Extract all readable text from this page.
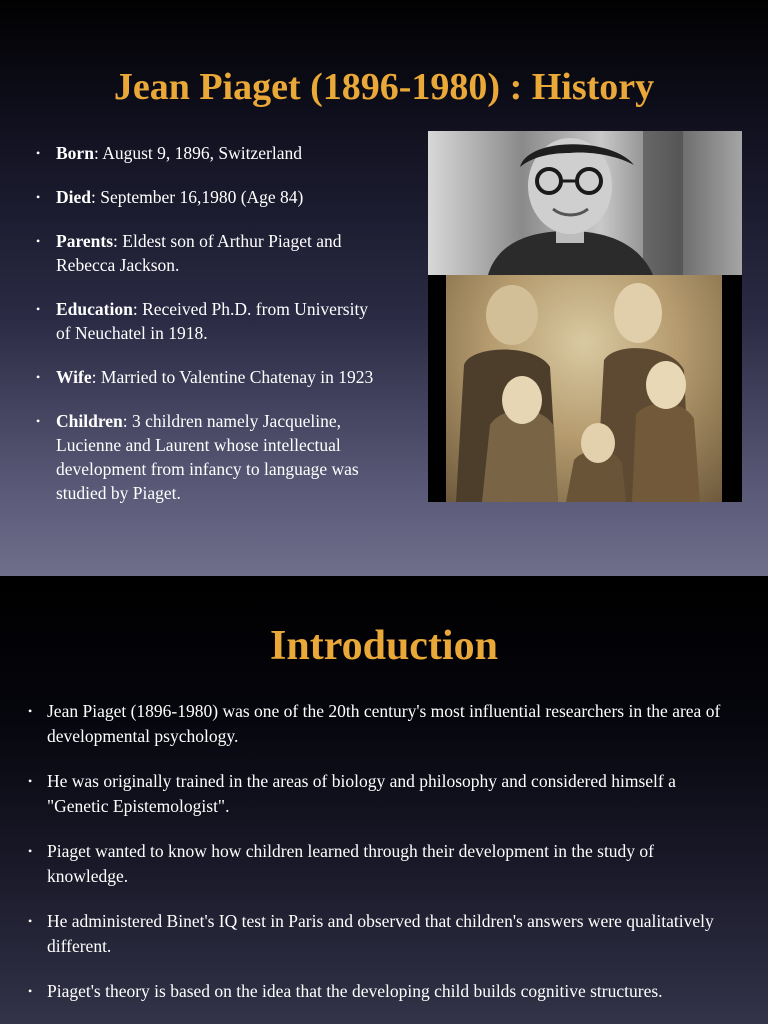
Jean Piaget (1896-1980) : History
• Born: August 9, 1896, Switzerland
• Died: September 16,1980 (Age 84)
• Parents: Eldest son of Arthur Piaget and Rebecca Jackson.
• Education: Received Ph.D. from University of Neuchatel in 1918.
• Wife: Married to Valentine Chatenay in 1923
• Children: 3 children namely Jacqueline, Lucienne and Laurent whose intellectual development from infancy to language was studied by Piaget.
Introduction
• Jean Piaget (1896-1980) was one of the 20th century's most influential researchers in the area of developmental psychology.
• He was originally trained in the areas of biology and philosophy and considered himself a "Genetic Epistemologist".
• Piaget wanted to know how children learned through their development in the study of knowledge.
• He administered Binet's IQ test in Paris and observed that children's answers were qualitatively different.
• Piaget's theory is based on the idea that the developing child builds cognitive structures.
